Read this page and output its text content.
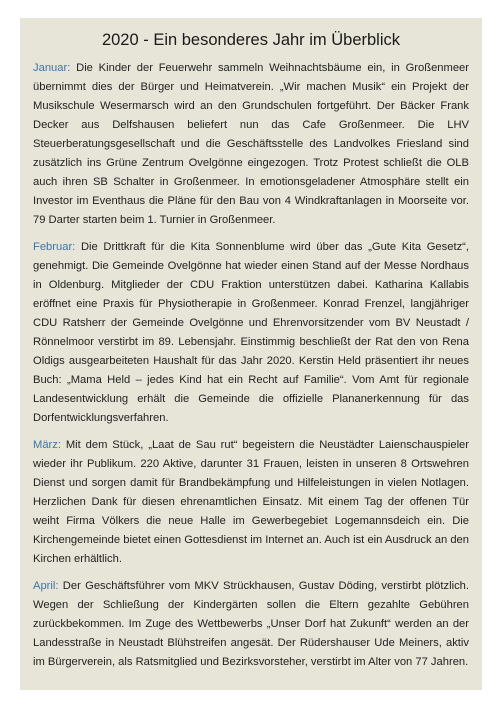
2020 - Ein besonderes Jahr im Überblick

Januar: Die Kinder der Feuerwehr sammeln Weihnachtsbäume ein, in Großenmeer übernimmt dies der Bürger und Heimatverein. „Wir machen Musik“ ein Projekt der Musikschule Wesermarsch wird an den Grundschulen fortgeführt. Der Bäcker Frank Decker aus Delfshausen beliefert nun das Cafe Großenmeer. Die LHV Steuerberatungsgesellschaft und die Geschäftsstelle des Landvolkes Friesland sind zusätzlich ins Grüne Zentrum Ovelgönne eingezogen. Trotz Protest schließt die OLB auch ihren SB Schalter in Großenmeer. In emotionsgeladener Atmosphäre stellt ein Investor im Eventhaus die Pläne für den Bau von 4 Windkraftanlagen in Moorseite vor. 79 Darter starten beim 1. Turnier in Großenmeer.

Februar: Die Drittkraft für die Kita Sonnenblume wird über das „Gute Kita Gesetz“, genehmigt. Die Gemeinde Ovelgönne hat wieder einen Stand auf der Messe Nordhaus in Oldenburg. Mitglieder der CDU Fraktion unterstützen dabei. Katharina Kallabis eröffnet eine Praxis für Physiotherapie in Großenmeer. Konrad Frenzel, langjähriger CDU Ratsherr der Gemeinde Ovelgönne und Ehrenvorsitzender vom BV Neustadt / Rönnelmoor verstirbt im 89. Lebensjahr. Einstimmig beschließt der Rat den von Rena Oldigs ausgearbeiteten Haushalt für das Jahr 2020. Kerstin Held präsentiert ihr neues Buch: „Mama Held – jedes Kind hat ein Recht auf Familie“. Vom Amt für regionale Landesentwicklung erhält die Gemeinde die offizielle Plananerkennung für das Dorfentwicklungsverfahren.

März: Mit dem Stück, „Laat de Sau rut“ begeistern die Neustädter Laienschauspieler wieder ihr Publikum. 220 Aktive, darunter 31 Frauen, leisten in unseren 8 Ortswehren Dienst und sorgen damit für Brandbekämpfung und Hilfeleistungen in vielen Notlagen. Herzlichen Dank für diesen ehrenamtlichen Einsatz. Mit einem Tag der offenen Tür weiht Firma Völkers die neue Halle im Gewerbegebiet Logemannsdeich ein. Die Kirchengemeinde bietet einen Gottesdienst im Internet an. Auch ist ein Ausdruck an den Kirchen erhältlich.

April: Der Geschäftsführer vom MKV Strückhausen, Gustav Döding, verstirbt plötzlich. Wegen der Schließung der Kindergärten sollen die Eltern gezahlte Gebühren zurückbekommen. Im Zuge des Wettbewerbs „Unser Dorf hat Zukunft“ werden an der Landesstraße in Neustadt Blühstreifen angesät. Der Rüdershauser Ude Meiners, aktiv im Bürgerverein, als Ratsmitglied und Bezirksvorsteher, verstirbt im Alter von 77 Jahren.
